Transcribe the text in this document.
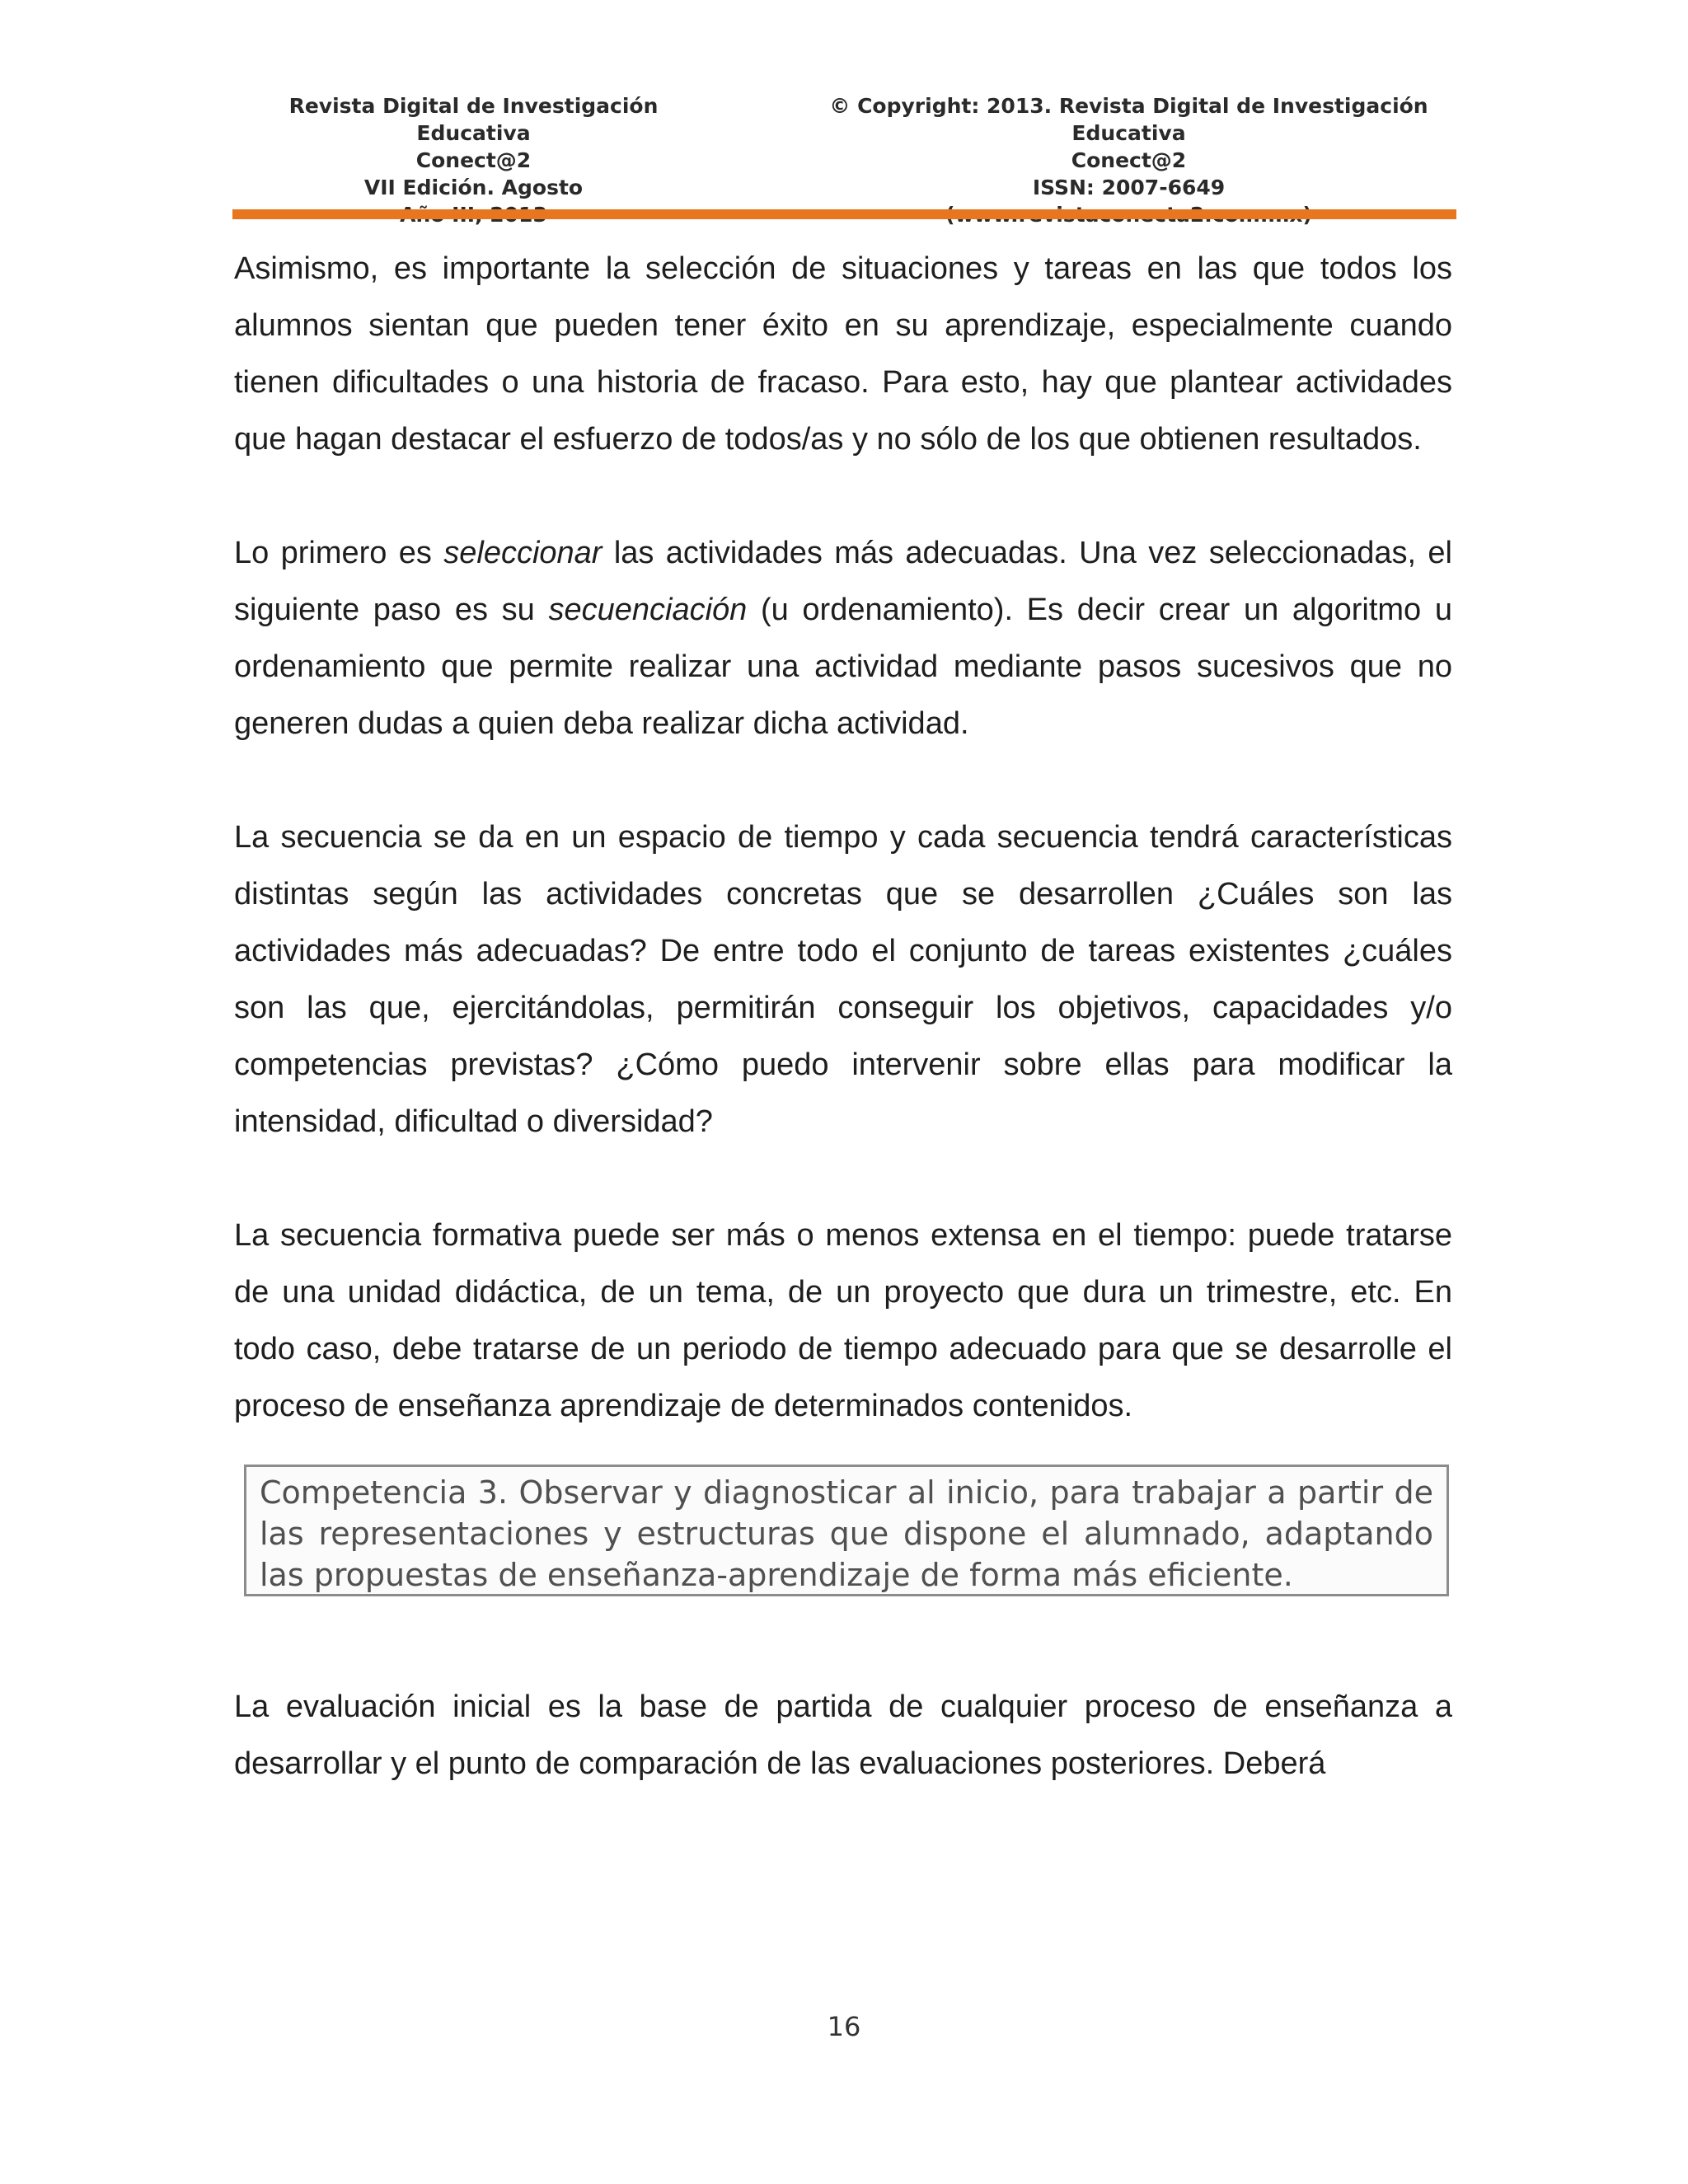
Revista Digital de Investigación Educativa
Conect@2
VII Edición. Agosto
© Copyright: 2013. Revista Digital de Investigación Educativa
Conect@2
ISSN: 2007-6649

Asimismo, es importante la selección de situaciones y tareas en las que todos los alumnos sientan que pueden tener éxito en su aprendizaje, especialmente cuando tienen dificultades o una historia de fracaso. Para esto, hay que plantear actividades que hagan destacar el esfuerzo de todos/as y no sólo de los que obtienen resultados.

Lo primero es seleccionar las actividades más adecuadas. Una vez seleccionadas, el siguiente paso es su secuenciación (u ordenamiento). Es decir crear un algoritmo u ordenamiento que permite realizar una actividad mediante pasos sucesivos que no generen dudas a quien deba realizar dicha actividad.

La secuencia se da en un espacio de tiempo y cada secuencia tendrá características distintas según las actividades concretas que se desarrollen ¿Cuáles son las actividades más adecuadas? De entre todo el conjunto de tareas existentes ¿cuáles son las que, ejercitándolas, permitirán conseguir los objetivos, capacidades y/o competencias previstas? ¿Cómo puedo intervenir sobre ellas para modificar la intensidad, dificultad o diversidad?

La secuencia formativa puede ser más o menos extensa en el tiempo: puede tratarse de una unidad didáctica, de un tema, de un proyecto que dura un trimestre, etc. En todo caso, debe tratarse de un periodo de tiempo adecuado para que se desarrolle el proceso de enseñanza aprendizaje de determinados contenidos.

Competencia 3. Observar y diagnosticar al inicio, para trabajar a partir de las representaciones y estructuras que dispone el alumnado, adaptando las propuestas de enseñanza-aprendizaje de forma más eficiente.

La evaluación inicial es la base de partida de cualquier proceso de enseñanza a desarrollar y el punto de comparación de las evaluaciones posteriores. Deberá

16
